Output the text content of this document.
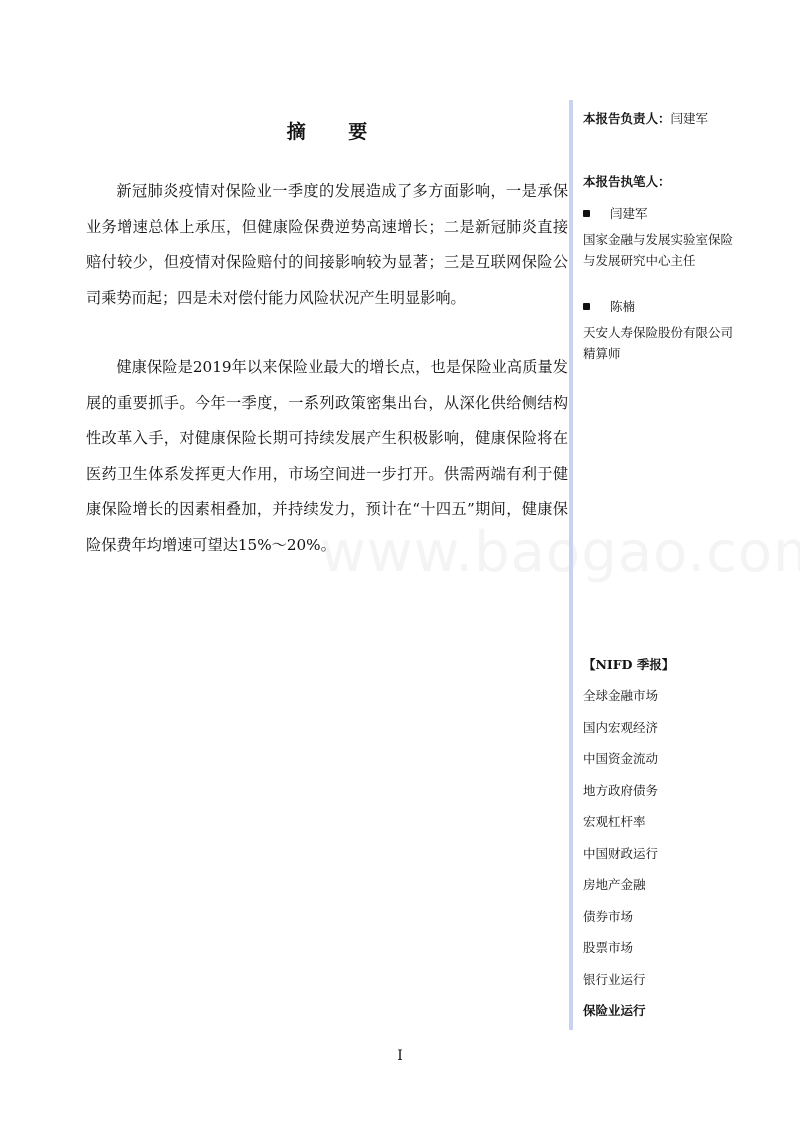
摘 要

新冠肺炎疫情对保险业一季度的发展造成了多方面影响，一是承保业务增速总体上承压，但健康险保费逆势高速增长；二是新冠肺炎直接赔付较少，但疫情对保险赔付的间接影响较为显著；三是互联网保险公司乘势而起；四是未对偿付能力风险状况产生明显影响。

健康保险是2019年以来保险业最大的增长点，也是保险业高质量发展的重要抓手。今年一季度，一系列政策密集出台，从深化供给侧结构性改革入手，对健康保险长期可持续发展产生积极影响，健康保险将在医药卫生体系发挥更大作用，市场空间进一步打开。供需两端有利于健康保险增长的因素相叠加，并持续发力，预计在“十四五”期间，健康保险保费年均增速可望达15%～20%。

本报告负责人：闫建军
本报告执笔人：
闫建军
国家金融与发展实验室保险与发展研究中心主任
陈楠
天安人寿保险股份有限公司精算师
【NIFD 季报】
全球金融市场
国内宏观经济
中国资金流动
地方政府债务
宏观杠杆率
中国财政运行
房地产金融
债券市场
股票市场
银行业运行
保险业运行
I
